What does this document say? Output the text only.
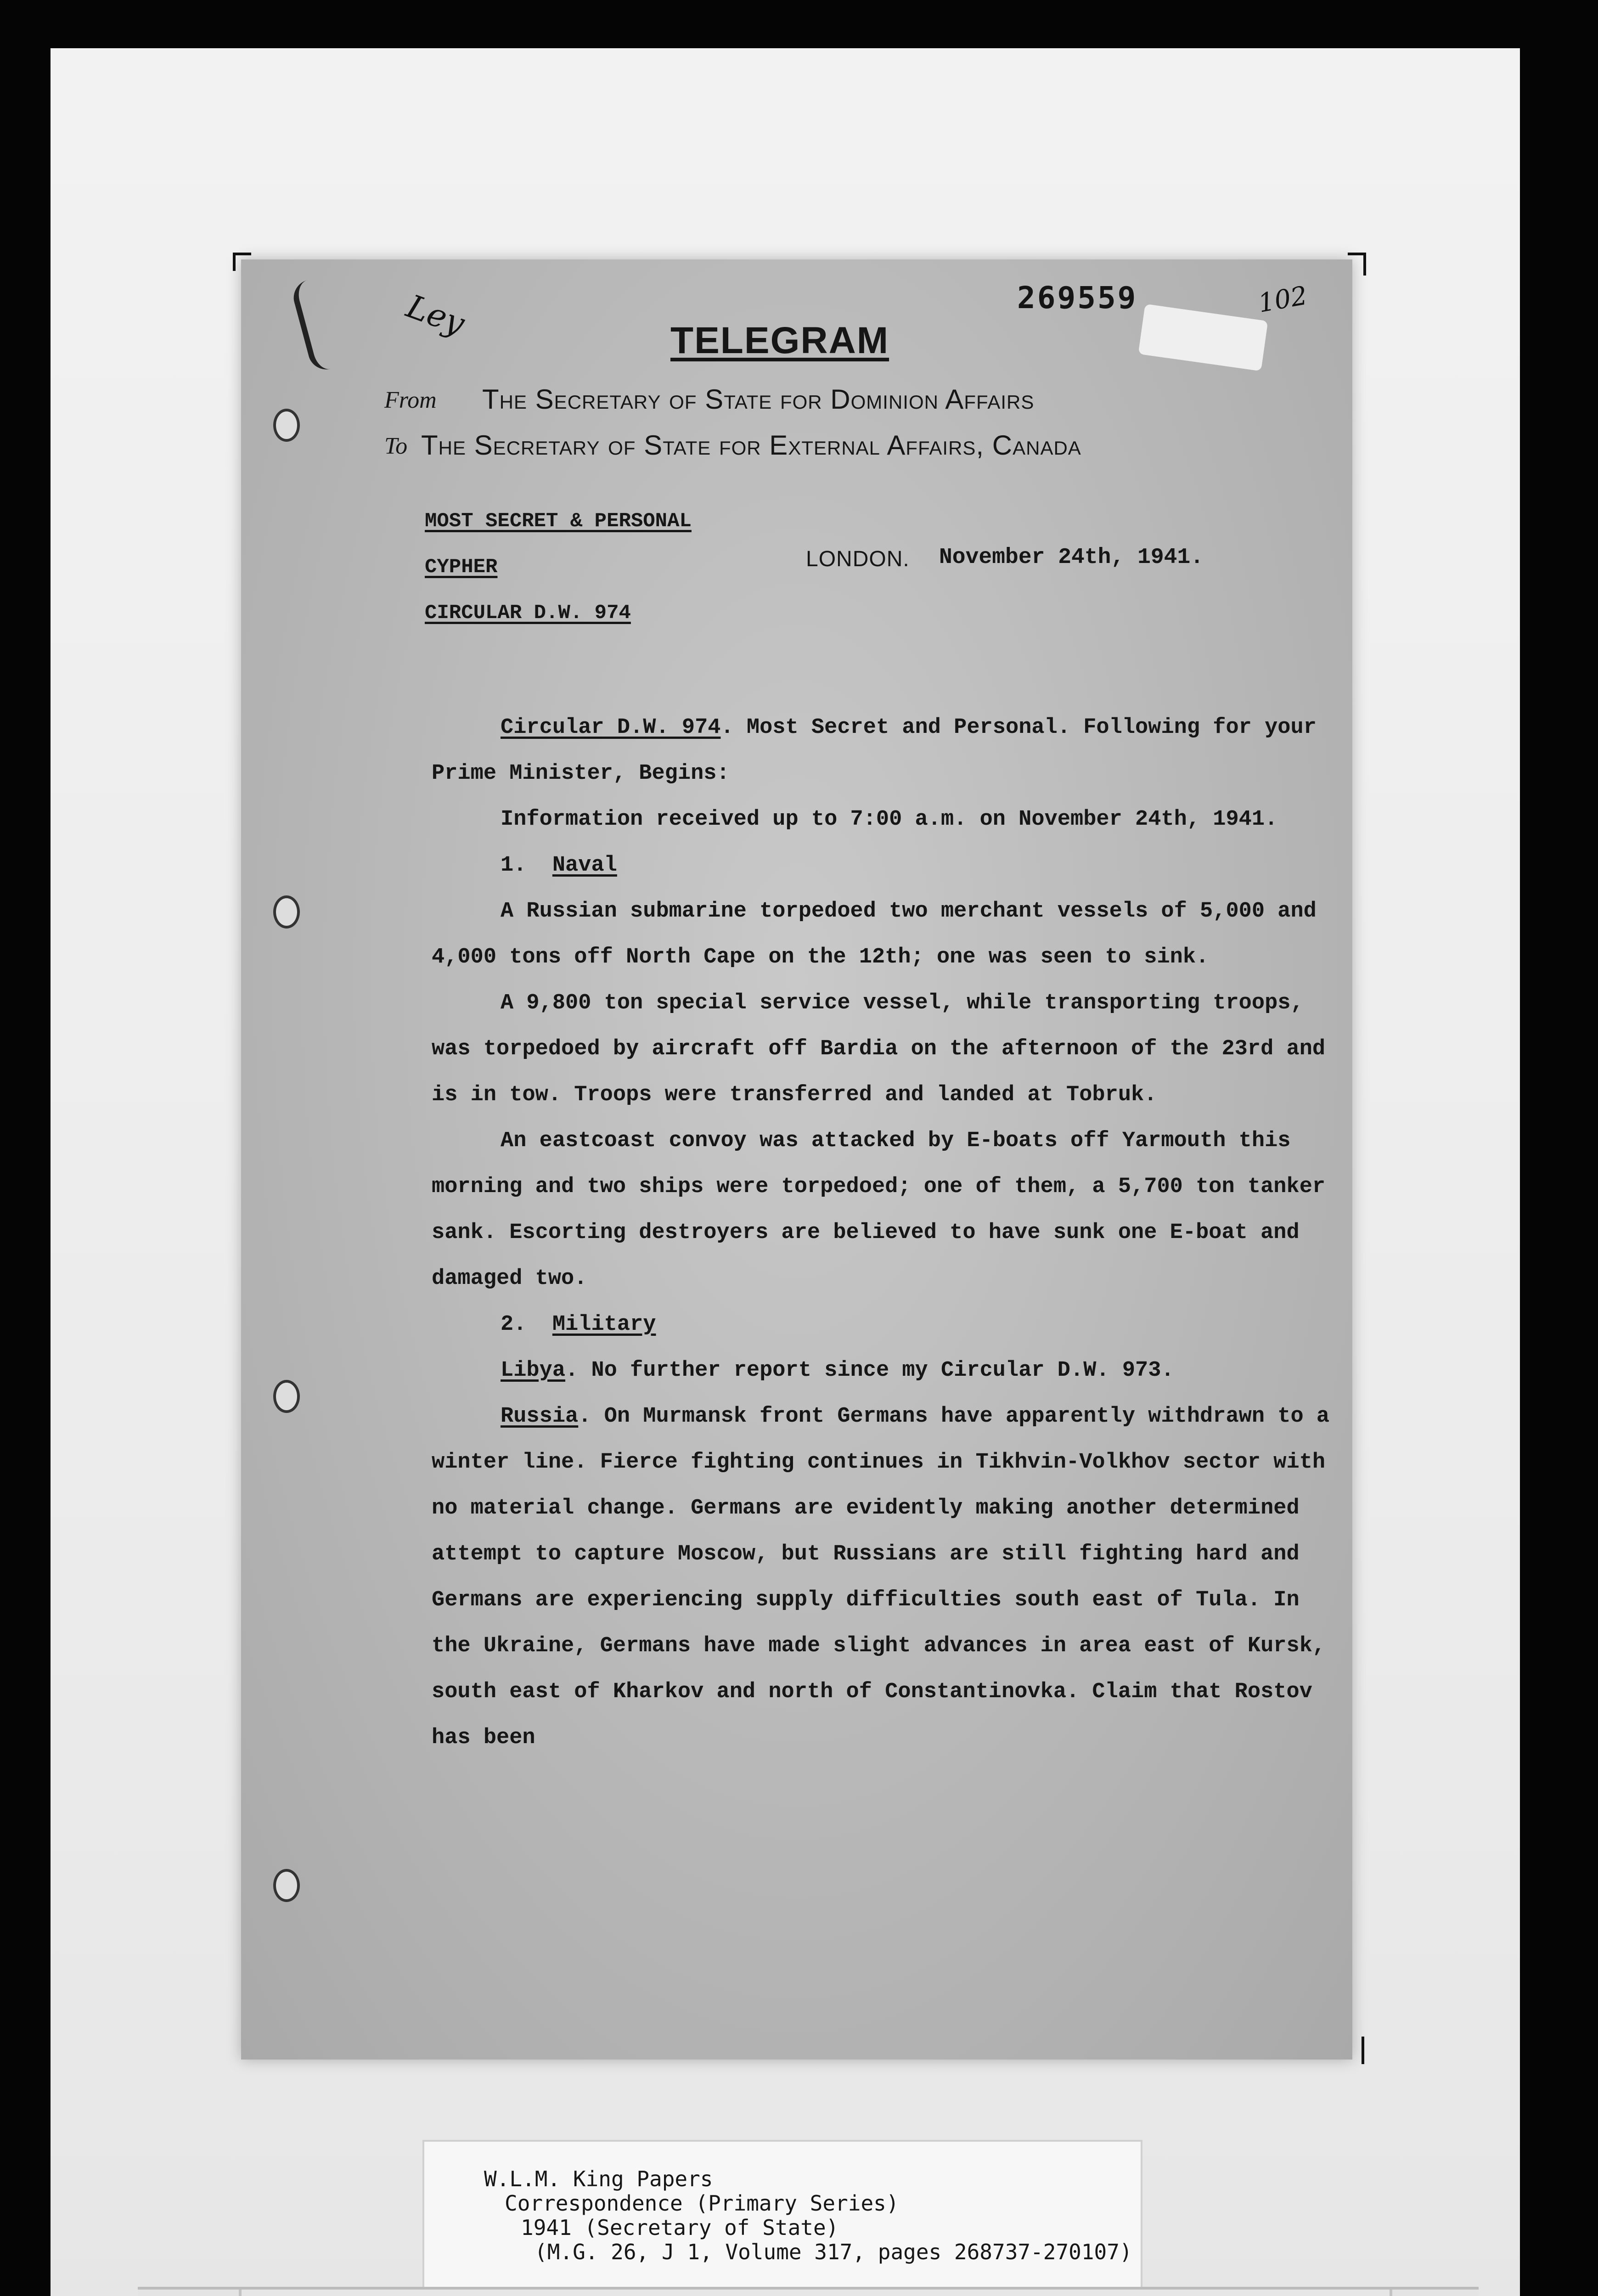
Ley	269559	102
TELEGRAM
From The Secretary of State for Dominion Affairs
To The Secretary of State for External Affairs, Canada
MOST SECRET & PERSONAL
CYPHER
CIRCULAR D.W. 974
LONDON. November 24th, 1941.

Circular D.W. 974. Most Secret and Personal. Following for your Prime Minister, Begins:

Information received up to 7:00 a.m. on November 24th, 1941.

1. Naval

A Russian submarine torpedoed two merchant vessels of 5,000 and 4,000 tons off North Cape on the 12th; one was seen to sink.

A 9,800 ton special service vessel, while transporting troops, was torpedoed by aircraft off Bardia on the afternoon of the 23rd and is in tow. Troops were transferred and landed at Tobruk.

An eastcoast convoy was attacked by E-boats off Yarmouth this morning and two ships were torpedoed; one of them, a 5,700 ton tanker sank. Escorting destroyers are believed to have sunk one E-boat and damaged two.

2. Military

Libya. No further report since my Circular D.W. 973.

Russia. On Murmansk front Germans have apparently withdrawn to a winter line. Fierce fighting continues in Tikhvin-Volkhov sector with no material change. Germans are evidently making another determined attempt to capture Moscow, but Russians are still fighting hard and Germans are experiencing supply difficulties south east of Tula. In the Ukraine, Germans have made slight advances in area east of Kursk, south east of Kharkov and north of Constantinovka. Claim that Rostov has been

W.L.M. King Papers
Correspondence (Primary Series)
1941 (Secretary of State)
(M.G. 26, J 1, Volume 317, pages 268737-270107)
